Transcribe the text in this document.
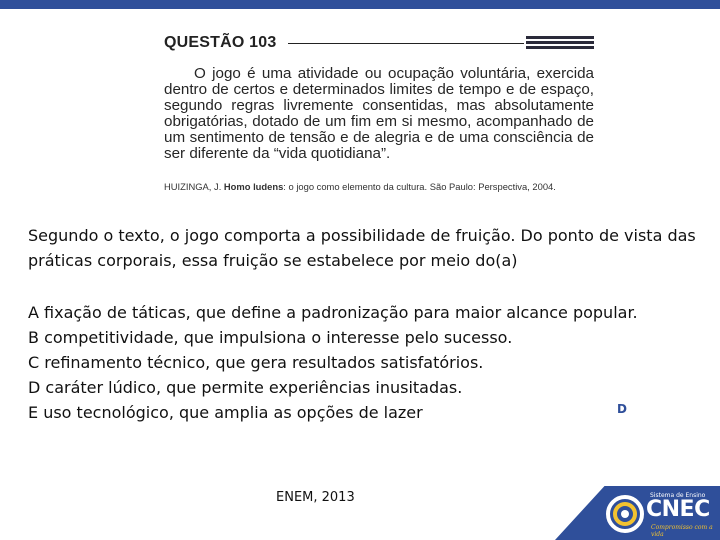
QUESTÃO 103
O jogo é uma atividade ou ocupação voluntária, exercida dentro de certos e determinados limites de tempo e de espaço, segundo regras livremente consentidas, mas absolutamente obrigatórias, dotado de um fim em si mesmo, acompanhado de um sentimento de tensão e de alegria e de uma consciência de ser diferente da “vida quotidiana”.
HUIZINGA, J. Homo ludens: o jogo como elemento da cultura. São Paulo: Perspectiva, 2004.
Segundo o texto, o jogo comporta a possibilidade de fruição. Do ponto de vista das práticas corporais, essa fruição se estabelece por meio do(a)
A fixação de táticas, que define a padronização para maior alcance popular.
B competitividade, que impulsiona o interesse pelo sucesso.
C refinamento técnico, que gera resultados satisfatórios.
D caráter lúdico, que permite experiências inusitadas.
E uso tecnológico, que amplia as opções de lazer	D
ENEM, 2013	Sistema de Ensino
CNEC
Compromisso com a vida
